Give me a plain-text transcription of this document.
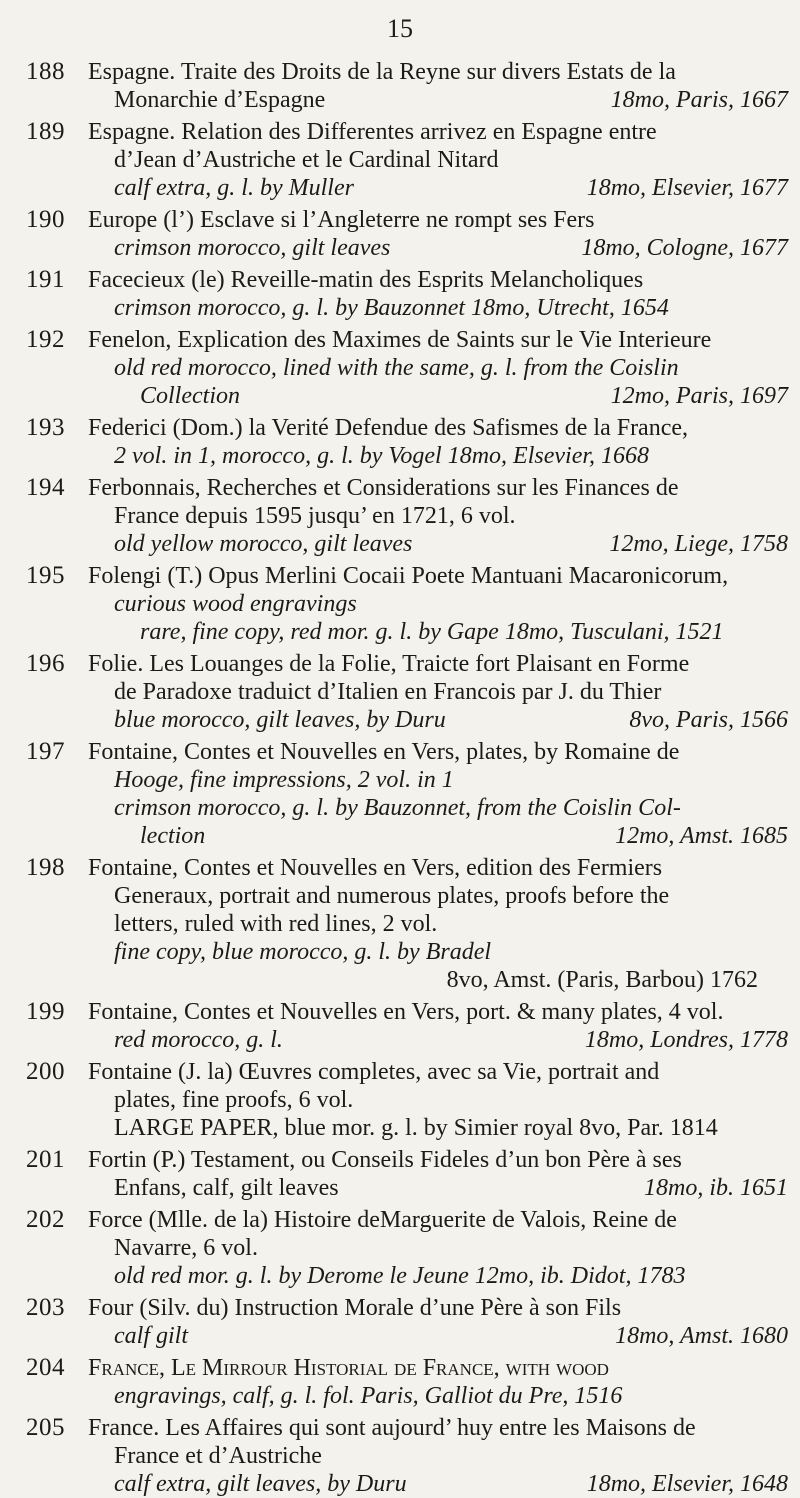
15
188 Espagne. Traite des Droits de la Reyne sur divers Estats de la
Monarchie d’Espagne	18mo, Paris, 1667
189 Espagne. Relation des Differentes arrivez en Espagne entre
d’Jean d’Austriche et le Cardinal Nitard
calf extra, g. l. by Muller	18mo, Elsevier, 1677
190 Europe (l’) Esclave si l’Angleterre ne rompt ses Fers
crimson morocco, gilt leaves	18mo, Cologne, 1677
191 Facecieux (le) Reveille-matin des Esprits Melancholiques
crimson morocco, g. l. by Bauzonnet 18mo, Utrecht, 1654
192 Fenelon, Explication des Maximes de Saints sur le Vie Interieure
old red morocco, lined with the same, g. l. from the Coislin
Collection	12mo, Paris, 1697
193 Federici (Dom.) la Verité Defendue des Safismes de la France,
2 vol. in 1, morocco, g. l. by Vogel 18mo, Elsevier, 1668
194 Ferbonnais, Recherches et Considerations sur les Finances de
France depuis 1595 jusqu’ en 1721, 6 vol.
old yellow morocco, gilt leaves	12mo, Liege, 1758
195 Folengi (T.) Opus Merlini Cocaii Poete Mantuani Macaronicorum,
curious wood engravings
rare, fine copy, red mor. g. l. by Gape 18mo, Tusculani, 1521
196 Folie. Les Louanges de la Folie, Traicte fort Plaisant en Forme
de Paradoxe traduict d’Italien en Francois par J. du Thier
blue morocco, gilt leaves, by Duru	8vo, Paris, 1566
197 Fontaine, Contes et Nouvelles en Vers, plates, by Romaine de
Hooge, fine impressions, 2 vol. in 1
crimson morocco, g. l. by Bauzonnet, from the Coislin Col-
lection	12mo, Amst. 1685
198 Fontaine, Contes et Nouvelles en Vers, edition des Fermiers
Generaux, portrait and numerous plates, proofs before the
letters, ruled with red lines, 2 vol.
fine copy, blue morocco, g. l. by Bradel
8vo, Amst. (Paris, Barbou) 1762
199 Fontaine, Contes et Nouvelles en Vers, port. & many plates, 4 vol.
red morocco, g. l.	18mo, Londres, 1778
200 Fontaine (J. la) Œuvres completes, avec sa Vie, portrait and
plates, fine proofs, 6 vol.
LARGE PAPER, blue mor. g. l. by Simier royal 8vo, Par. 1814
201 Fortin (P.) Testament, ou Conseils Fideles d’un bon Père à ses
Enfans, calf, gilt leaves	18mo, ib. 1651
202 Force (Mlle. de la) Histoire deMarguerite de Valois, Reine de
Navarre, 6 vol.
old red mor. g. l. by Derome le Jeune 12mo, ib. Didot, 1783
203 Four (Silv. du) Instruction Morale d’une Père à son Fils
calf gilt	18mo, Amst. 1680
204 France, Le Mirrour Historial de France, with wood
engravings, calf, g. l. fol. Paris, Galliot du Pre, 1516
205 France. Les Affaires qui sont aujourd’ huy entre les Maisons de
France et d’Austriche
calf extra, gilt leaves, by Duru	18mo, Elsevier, 1648
